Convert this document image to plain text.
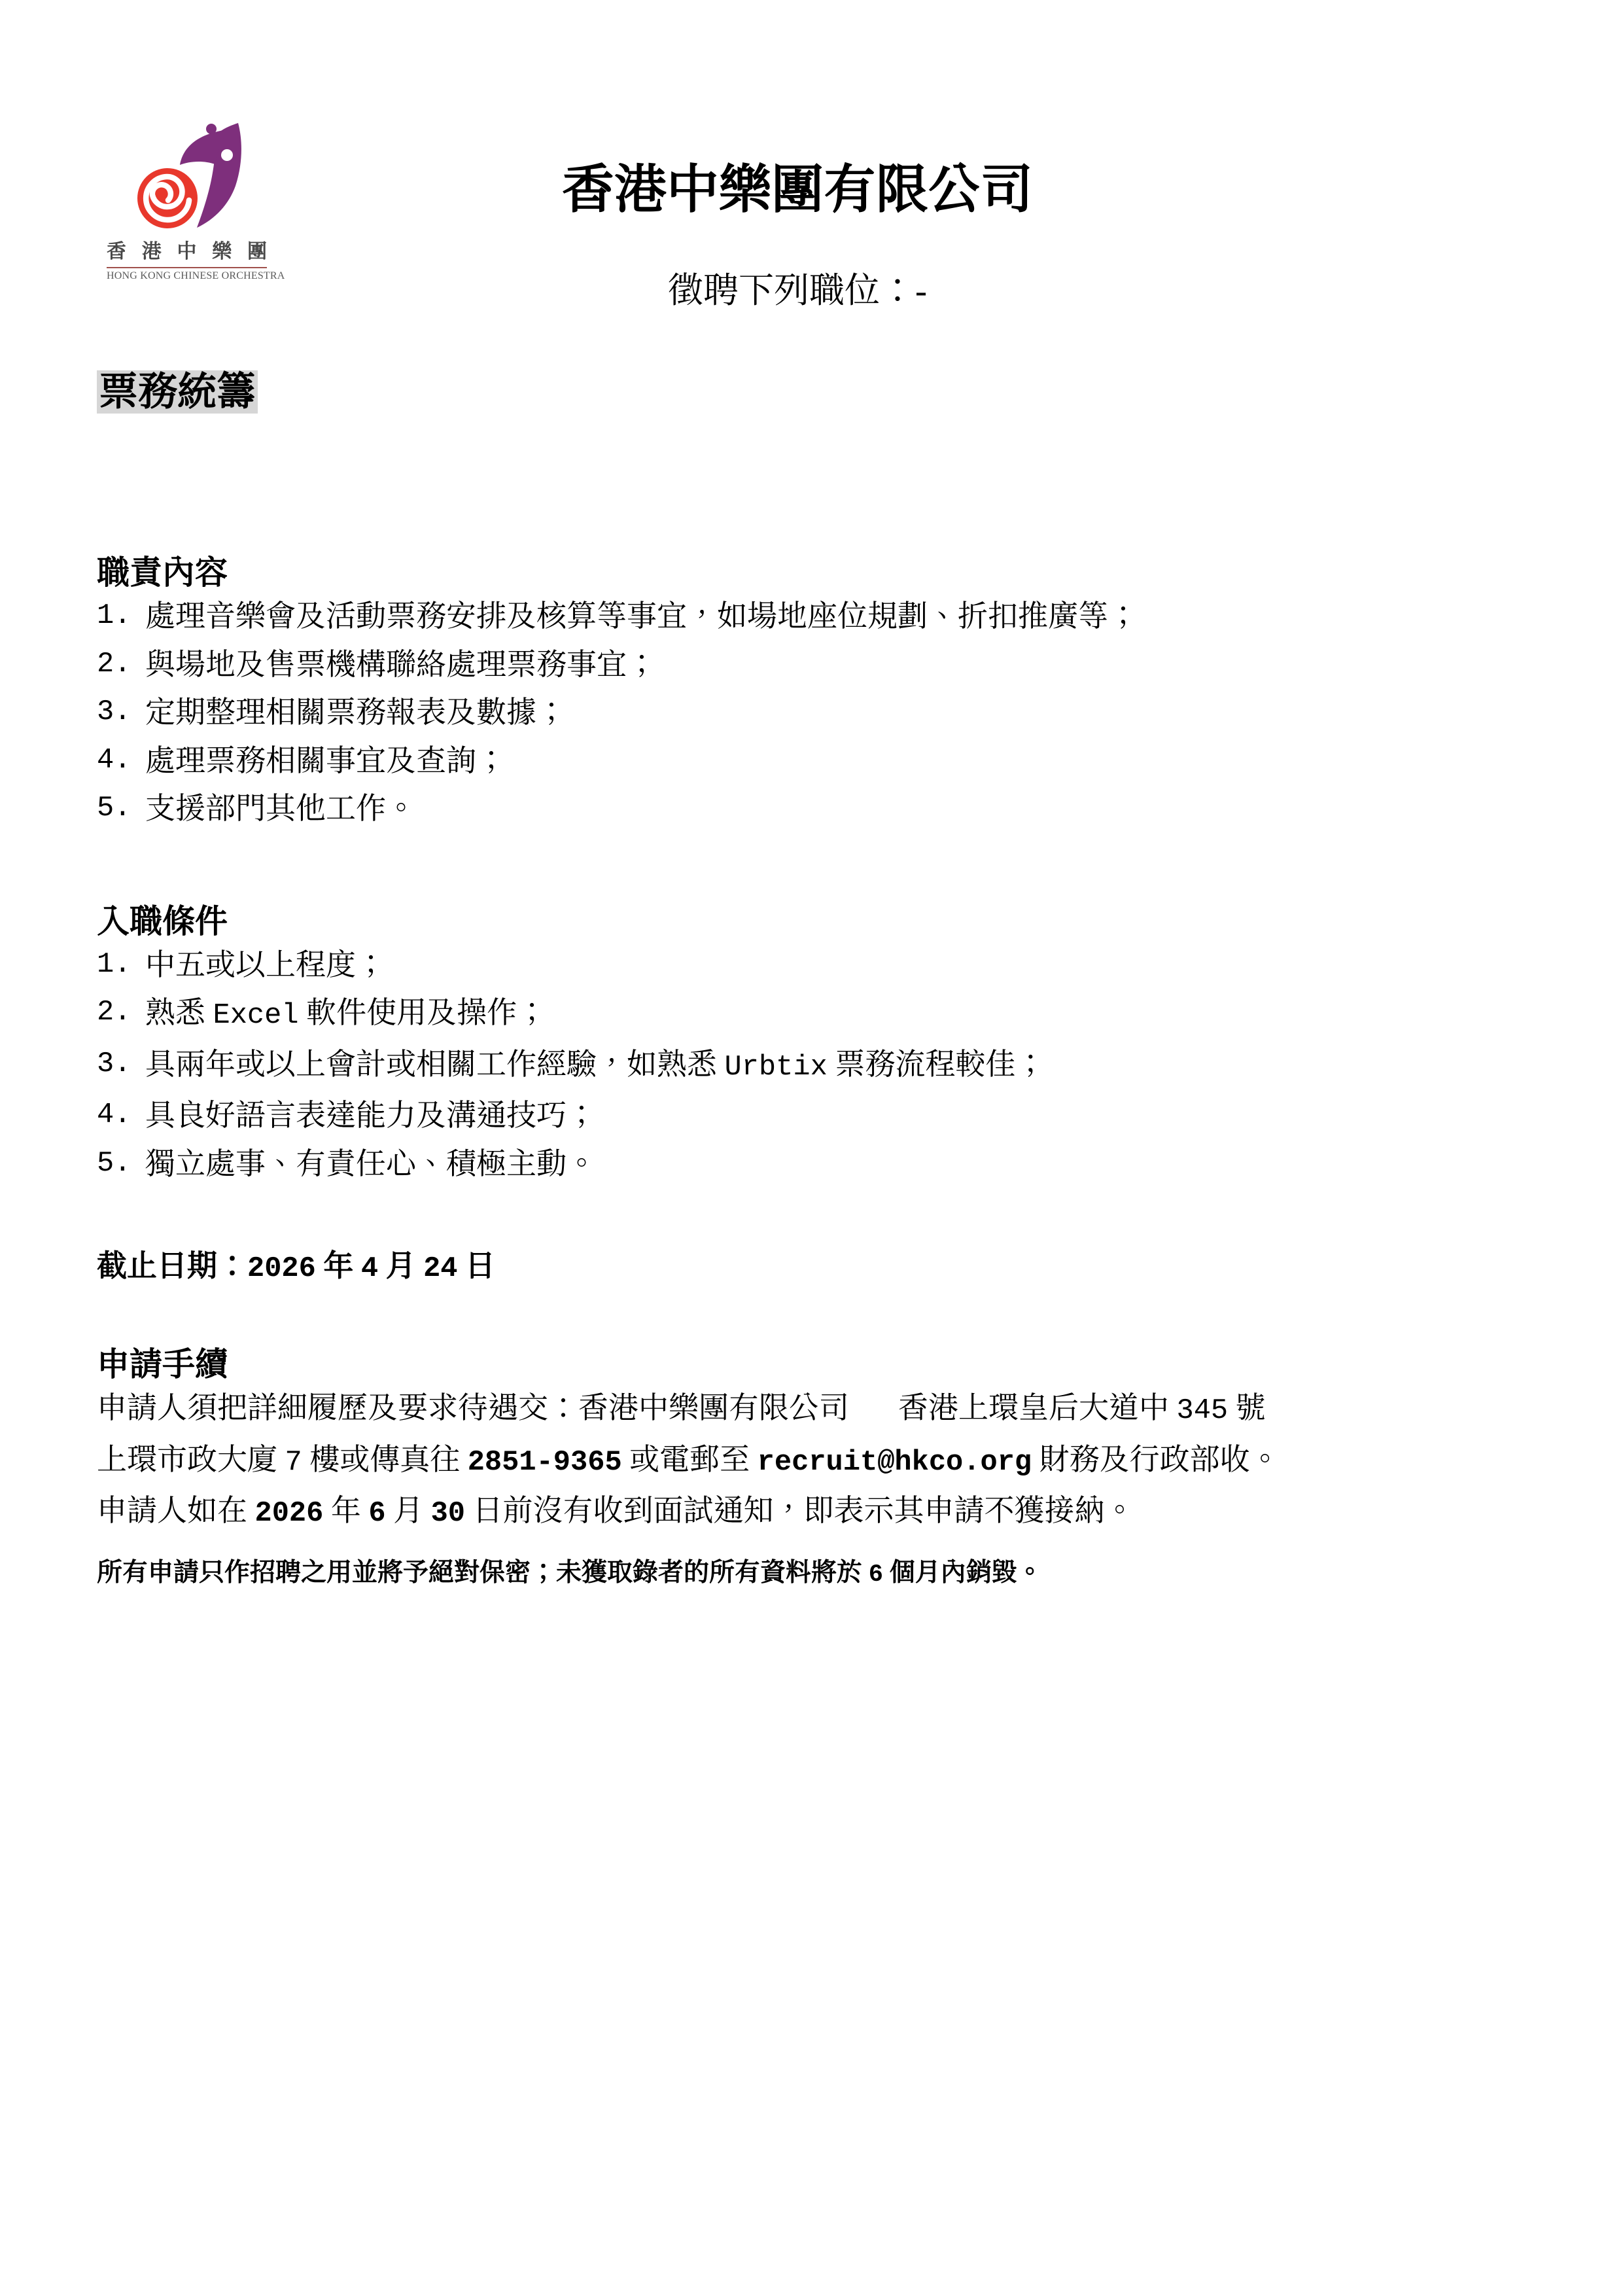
香 港 中 樂 團
HONG KONG CHINESE ORCHESTRA
香港中樂團有限公司
徵聘下列職位：-
票務統籌
職責內容
1. 處理音樂會及活動票務安排及核算等事宜，如場地座位規劃、折扣推廣等；
2. 與場地及售票機構聯絡處理票務事宜；
3. 定期整理相關票務報表及數據；
4. 處理票務相關事宜及查詢；
5. 支援部門其他工作。
入職條件
1. 中五或以上程度；
2. 熟悉 Excel 軟件使用及操作；
3. 具兩年或以上會計或相關工作經驗，如熟悉 Urbtix 票務流程較佳；
4. 具良好語言表達能力及溝通技巧；
5. 獨立處事、有責任心、積極主動。
截止日期：2026 年 4 月 24 日
申請手續
申請人須把詳細履歷及要求待遇交：香港中樂團有限公司　 香港上環皇后大道中 345 號
上環市政大廈 7 樓或傳真往 2851-9365 或電郵至 recruit@hkco.org 財務及行政部收。
申請人如在 2026 年 6 月 30 日前沒有收到面試通知，即表示其申請不獲接納。
所有申請只作招聘之用並將予絕對保密；未獲取錄者的所有資料將於 6 個月內銷毀。
